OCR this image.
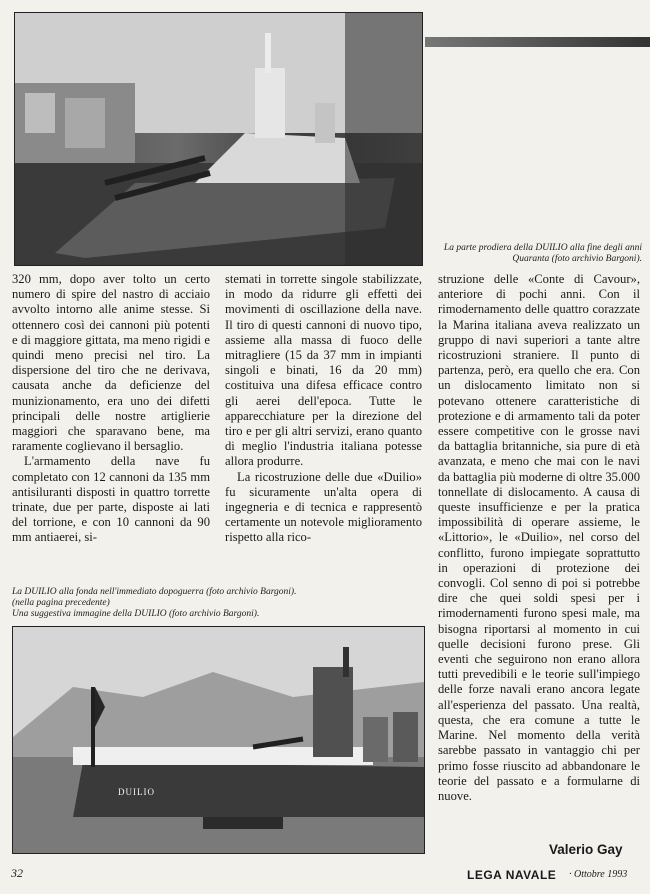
La parte prodiera della DUILIO alla fine degli anni Quaranta (foto archivio Bargoni).

320 mm, dopo aver tolto un certo numero di spire del nastro di acciaio avvolto intorno alle anime stesse. Si ottennero così dei cannoni più potenti e di maggiore gittata, ma meno rigidi e quindi meno precisi nel tiro. La dispersione del tiro che ne derivava, causata anche da deficienze del munizionamento, era uno dei difetti principali delle nostre artiglierie maggiori che sparavano bene, ma raramente coglievano il bersaglio.

L'armamento della nave fu completato con 12 cannoni da 135 mm antisiluranti disposti in quattro torrette trinate, due per parte, disposte ai lati del torrione, e con 10 cannoni da 90 mm antiaerei, si-

stemati in torrette singole stabilizzate, in modo da ridurre gli effetti dei movimenti di oscillazione della nave. Il tiro di questi cannoni di nuovo tipo, assieme alla massa di fuoco delle mitragliere (15 da 37 mm in impianti singoli e binati, 16 da 20 mm) costituiva una difesa efficace contro gli aerei dell'epoca. Tutte le apparecchiature per la direzione del tiro e per gli altri servizi, erano quanto di meglio l'industria italiana potesse allora produrre.

La ricostruzione delle due «Duilio» fu sicuramente un'alta opera di ingegneria e di tecnica e rappresentò certamente un notevole miglioramento rispetto alla rico-

struzione delle «Conte di Cavour», anteriore di pochi anni. Con il rimodernamento delle quattro corazzate la Marina italiana aveva realizzato un gruppo di navi superiori a tante altre ricostruzioni straniere. Il punto di partenza, però, era quello che era. Con un dislocamento limitato non si potevano ottenere caratteristiche di protezione e di armamento tali da poter essere competitive con le grosse navi da battaglia britanniche, sia pure di età avanzata, e meno che mai con le navi da battaglia più moderne di oltre 35.000 tonnellate di dislocamento. A causa di queste insufficienze e per la pratica impossibilità di operare assieme, le «Littorio», le «Duilio», nel corso del conflitto, furono impiegate soprattutto in operazioni di protezione dei convogli. Col senno di poi si potrebbe dire che quei soldi spesi per i rimodernamenti furono spesi male, ma bisogna riportarsi al momento in cui quelle decisioni furono prese. Gli eventi che seguirono non erano allora tutti prevedibili e le teorie sull'impiego delle forze navali erano ancora legate all'esperienza del passato. Una realtà, questa, che era comune a tutte le Marine. Nel momento della verità sarebbe passato in vantaggio chi per primo fosse riuscito ad abbandonare le teorie del passato e a formularne di nuove.

La DUILIO alla fonda nell'immediato dopoguerra (foto archivio Bargoni).
(nella pagina precedente)
Una suggestiva immagine della DUILIO (foto archivio Bargoni).
DUILIO
Valerio Gay
32	LEGA NAVALE · Ottobre 1993
